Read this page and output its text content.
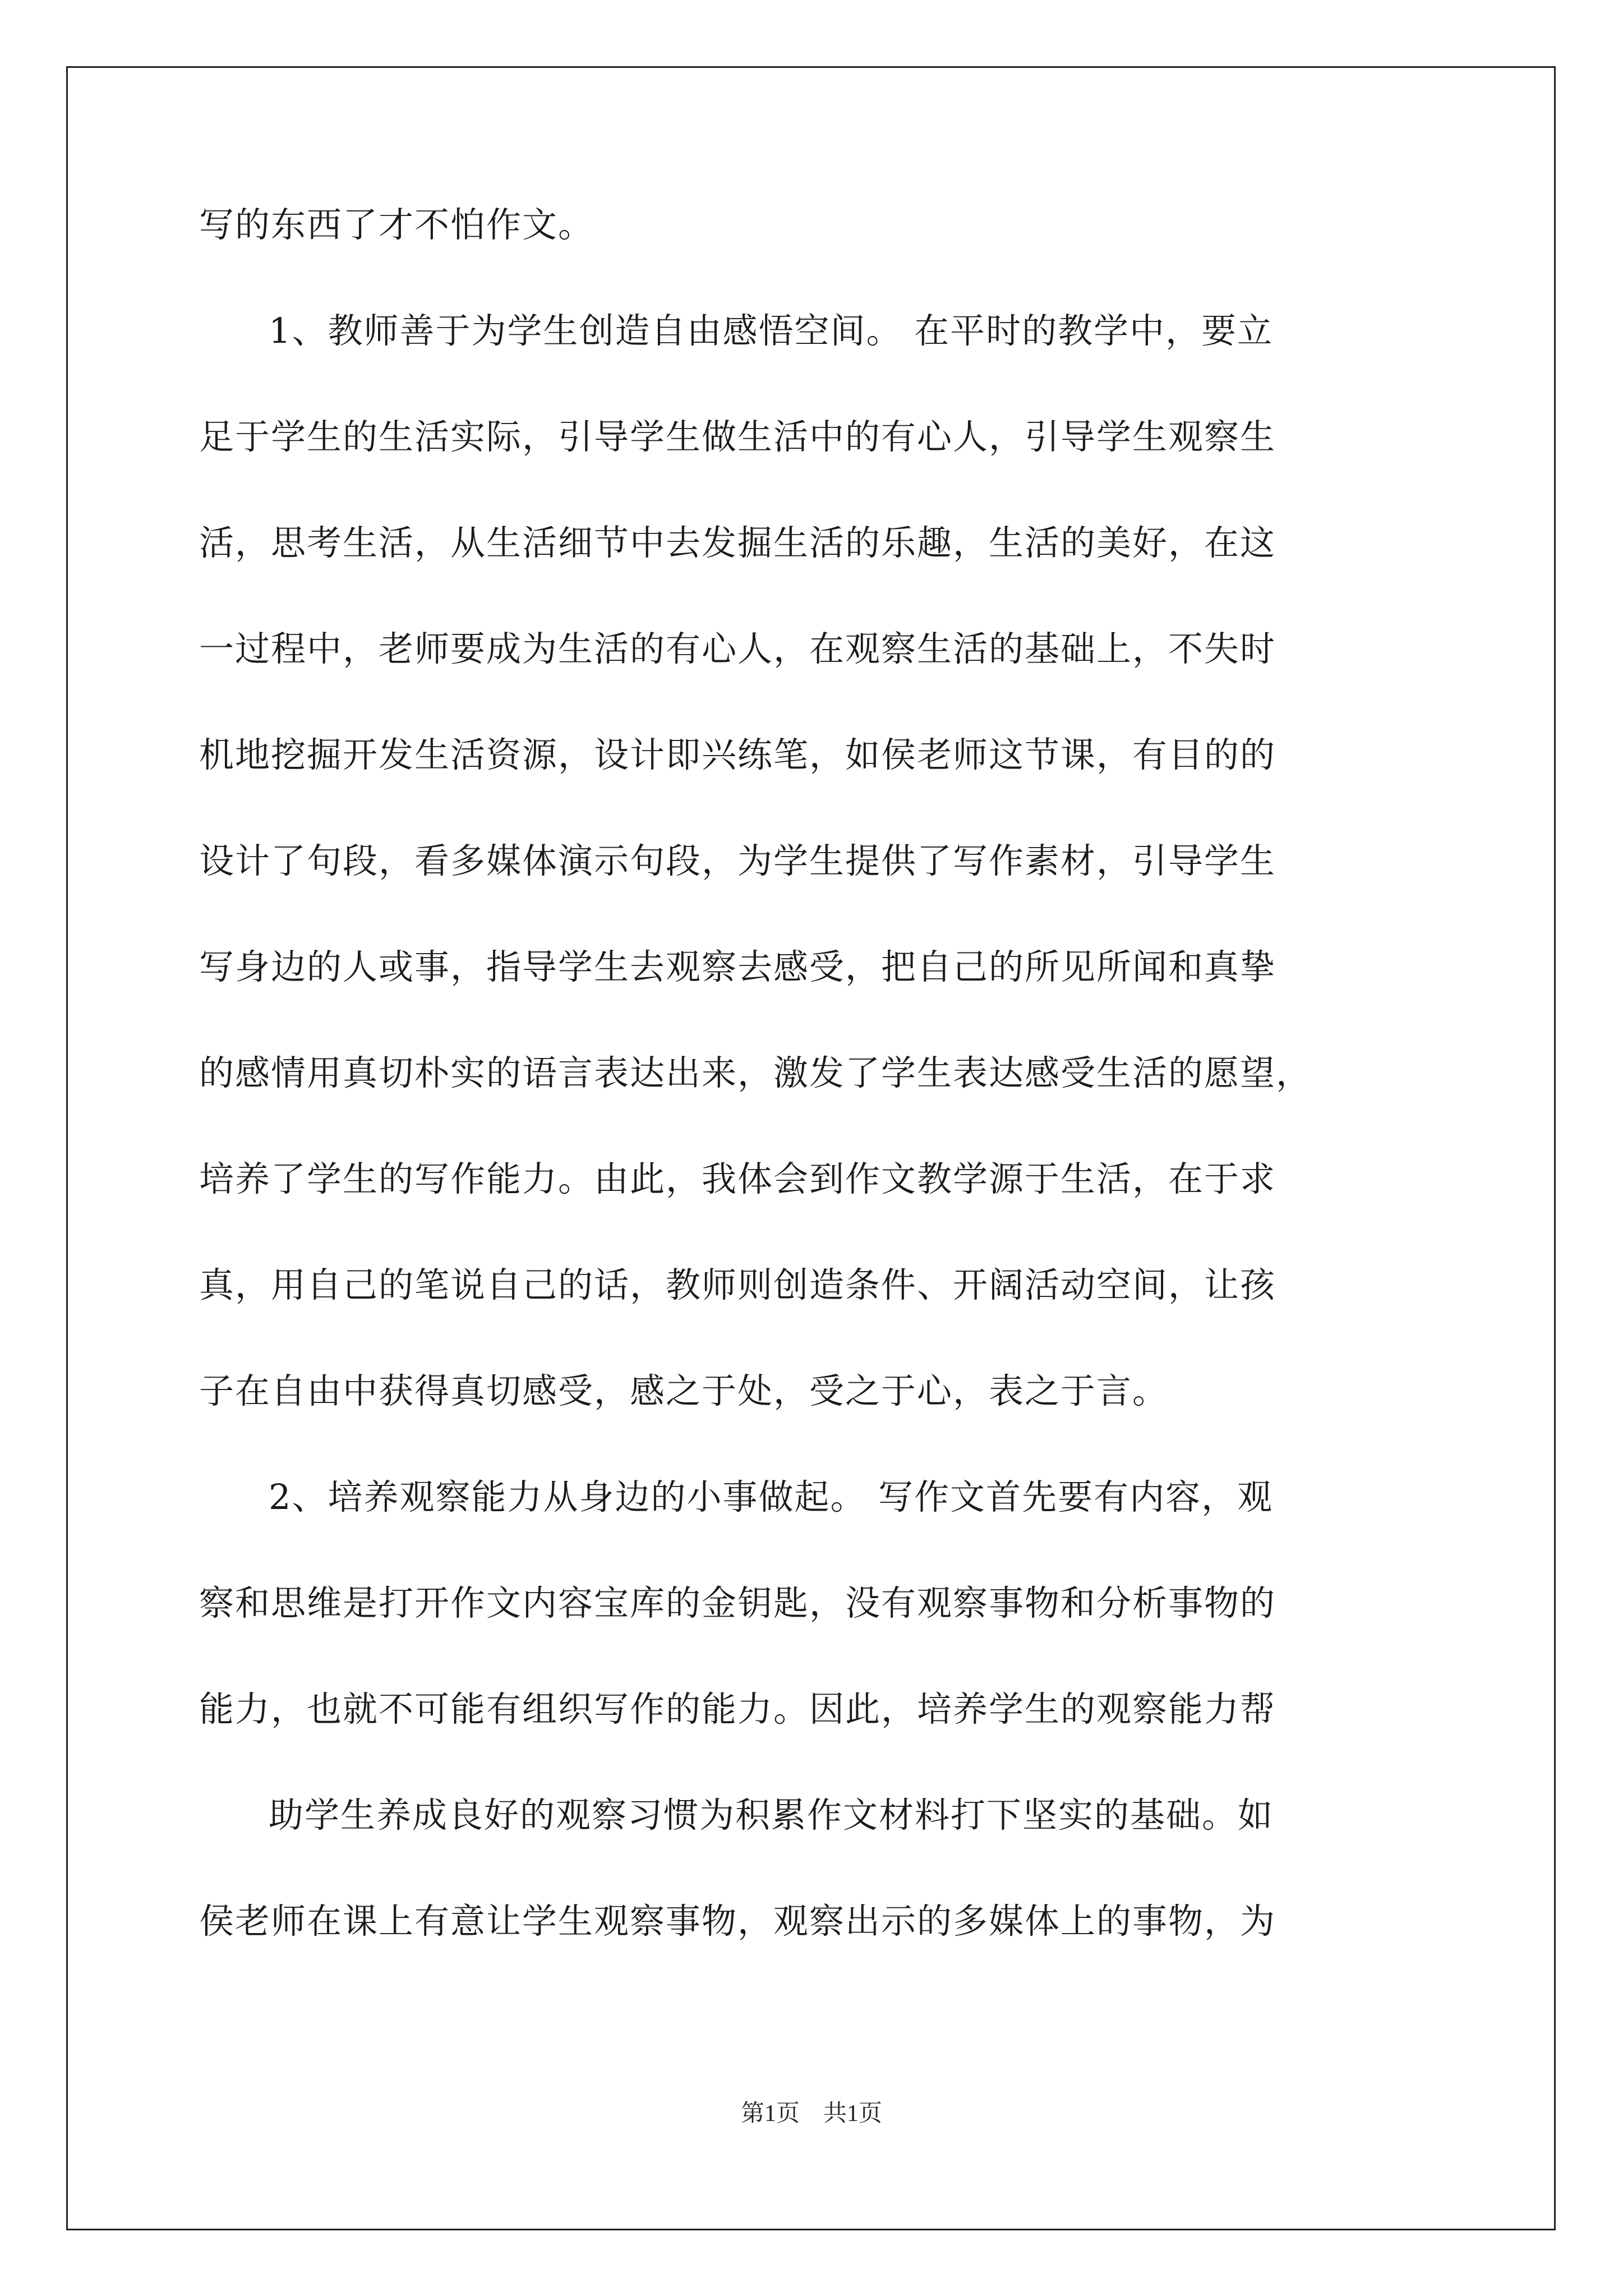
写的东西了才不怕作文。
1、教师善于为学生创造自由感悟空间。 在平时的教学中，要立
足于学生的生活实际，引导学生做生活中的有心人，引导学生观察生
活，思考生活，从生活细节中去发掘生活的乐趣，生活的美好，在这
一过程中，老师要成为生活的有心人，在观察生活的基础上，不失时
机地挖掘开发生活资源，设计即兴练笔，如侯老师这节课，有目的的
设计了句段，看多媒体演示句段，为学生提供了写作素材，引导学生
写身边的人或事，指导学生去观察去感受，把自己的所见所闻和真挚
的感情用真切朴实的语言表达出来，激发了学生表达感受生活的愿望，
培养了学生的写作能力。由此，我体会到作文教学源于生活，在于求
真，用自己的笔说自己的话，教师则创造条件、开阔活动空间，让孩
子在自由中获得真切感受，感之于处，受之于心，表之于言。
2、培养观察能力从身边的小事做起。 写作文首先要有内容，观
察和思维是打开作文内容宝库的金钥匙，没有观察事物和分析事物的
能力，也就不可能有组织写作的能力。因此，培养学生的观察能力帮
助学生养成良好的观察习惯为积累作文材料打下坚实的基础。如
侯老师在课上有意让学生观察事物，观察出示的多媒体上的事物，为
第1页　共1页
